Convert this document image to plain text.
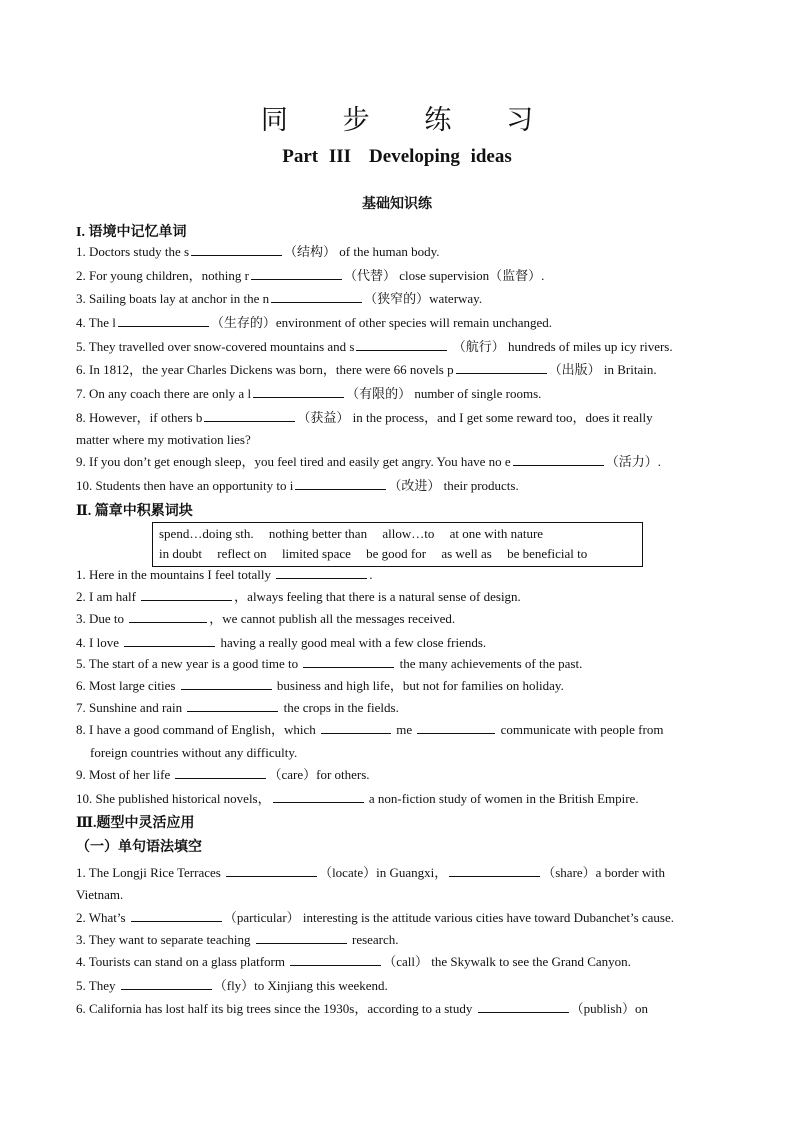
同 步 练 习
Part III Developing ideas
基础知识练
I. 语境中记忆单词
1. Doctors study the s	（结构） of the human body.
2. For young children，nothing r	（代替） close supervision（监督）.
3. Sailing boats lay at anchor in the n	（狭窄的）waterway.
4. The l	（生存的）environment of other species will remain unchanged.
5. They travelled over snow-covered mountains and s	（航行） hundreds of miles up icy rivers.
6. In 1812，the year Charles Dickens was born，there were 66 novels p	（出版） in Britain.
7. On any coach there are only a l	（有限的） number of single rooms.
8. However，if others b	（获益） in the process，and I get some reward too，does it really
matter where my motivation lies?
9. If you don’t get enough sleep，you feel tired and easily get angry. You have no e	（活力）.
10. Students then have an opportunity to i	（改进） their products.
Ⅱ. 篇章中积累词块
spend…doing sth. nothing better than allow…to at one with nature
in doubt reflect on limited space be good for as well as be beneficial to
1. Here in the mountains I feel totally	.
2. I am half	，always feeling that there is a natural sense of design.
3. Due to	，we cannot publish all the messages received.
4. I love	having a really good meal with a few close friends.
5. The start of a new year is a good time to	the many achievements of the past.
6. Most large cities	business and high life，but not for families on holiday.
7. Sunshine and rain	the crops in the fields.
8. I have a good command of English，which	me	communicate with people from
foreign countries without any difficulty.
9. Most of her life	（care）for others.
10. She published historical novels，	a non-fiction study of women in the British Empire.
Ⅲ.题型中灵活应用
（一）单句语法填空
1. The Longji Rice Terraces	（locate）in Guangxi，	（share）a border with
Vietnam.
2. What’s	（particular） interesting is the attitude various cities have toward Dubanchet’s cause.
3. They want to separate teaching	research.
4. Tourists can stand on a glass platform	（call） the Skywalk to see the Grand Canyon.
5. They	（fly）to Xinjiang this weekend.
6. California has lost half its big trees since the 1930s，according to a study	（publish）on
